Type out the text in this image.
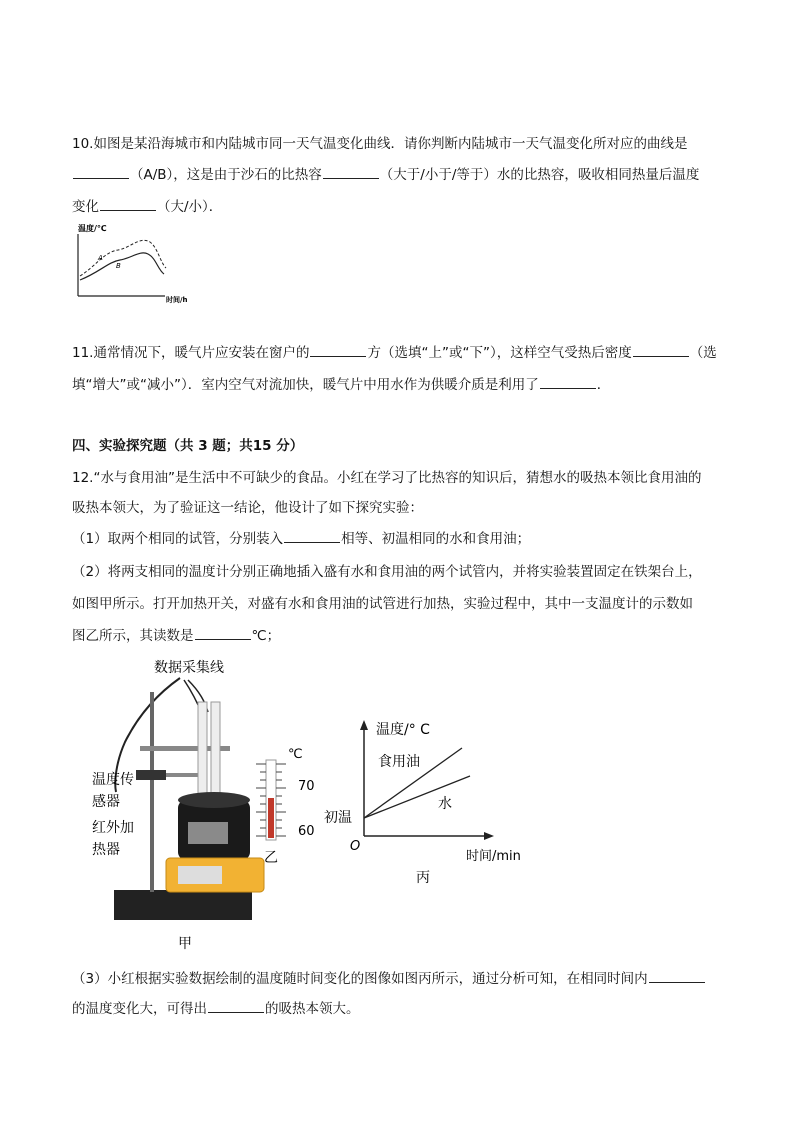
10.如图是某沿海城市和内陆城市同一天气温变化曲线．请你判断内陆城市一天气温变化所对应的曲线是
（A/B），这是由于沙石的比热容	（大于/小于/等于）水的比热容，吸收相同热量后温度
变化	（大/小）．
温度/℃
A
B
时间/h
11.通常情况下，暖气片应安装在窗户的	方（选填“上”或“下”），这样空气受热后密度	（选
填“增大”或“减小”）．室内空气对流加快，暖气片中用水作为供暖介质是利用了	．
四、实验探究题（共 3 题；共15 分）
12.“水与食用油”是生活中不可缺少的食品。小红在学习了比热容的知识后，猜想水的吸热本领比食用油的
吸热本领大，为了验证这一结论，他设计了如下探究实验：
（1）取两个相同的试管，分别装入	相等、初温相同的水和食用油；
（2）将两支相同的温度计分别正确地插入盛有水和食用油的两个试管内，并将实验装置固定在铁架台上，
如图甲所示。打开加热开关，对盛有水和食用油的试管进行加热，实验过程中，其中一支温度计的示数如
图乙所示，其读数是	℃；
数据采集线
温度传
感器
红外加
热器
甲
℃
70
60
乙
温度/° C
食用油
水
初温
O
时间/min
丙
（3）小红根据实验数据绘制的温度随时间变化的图像如图丙所示，通过分析可知，在相同时间内
的温度变化大，可得出	的吸热本领大。
